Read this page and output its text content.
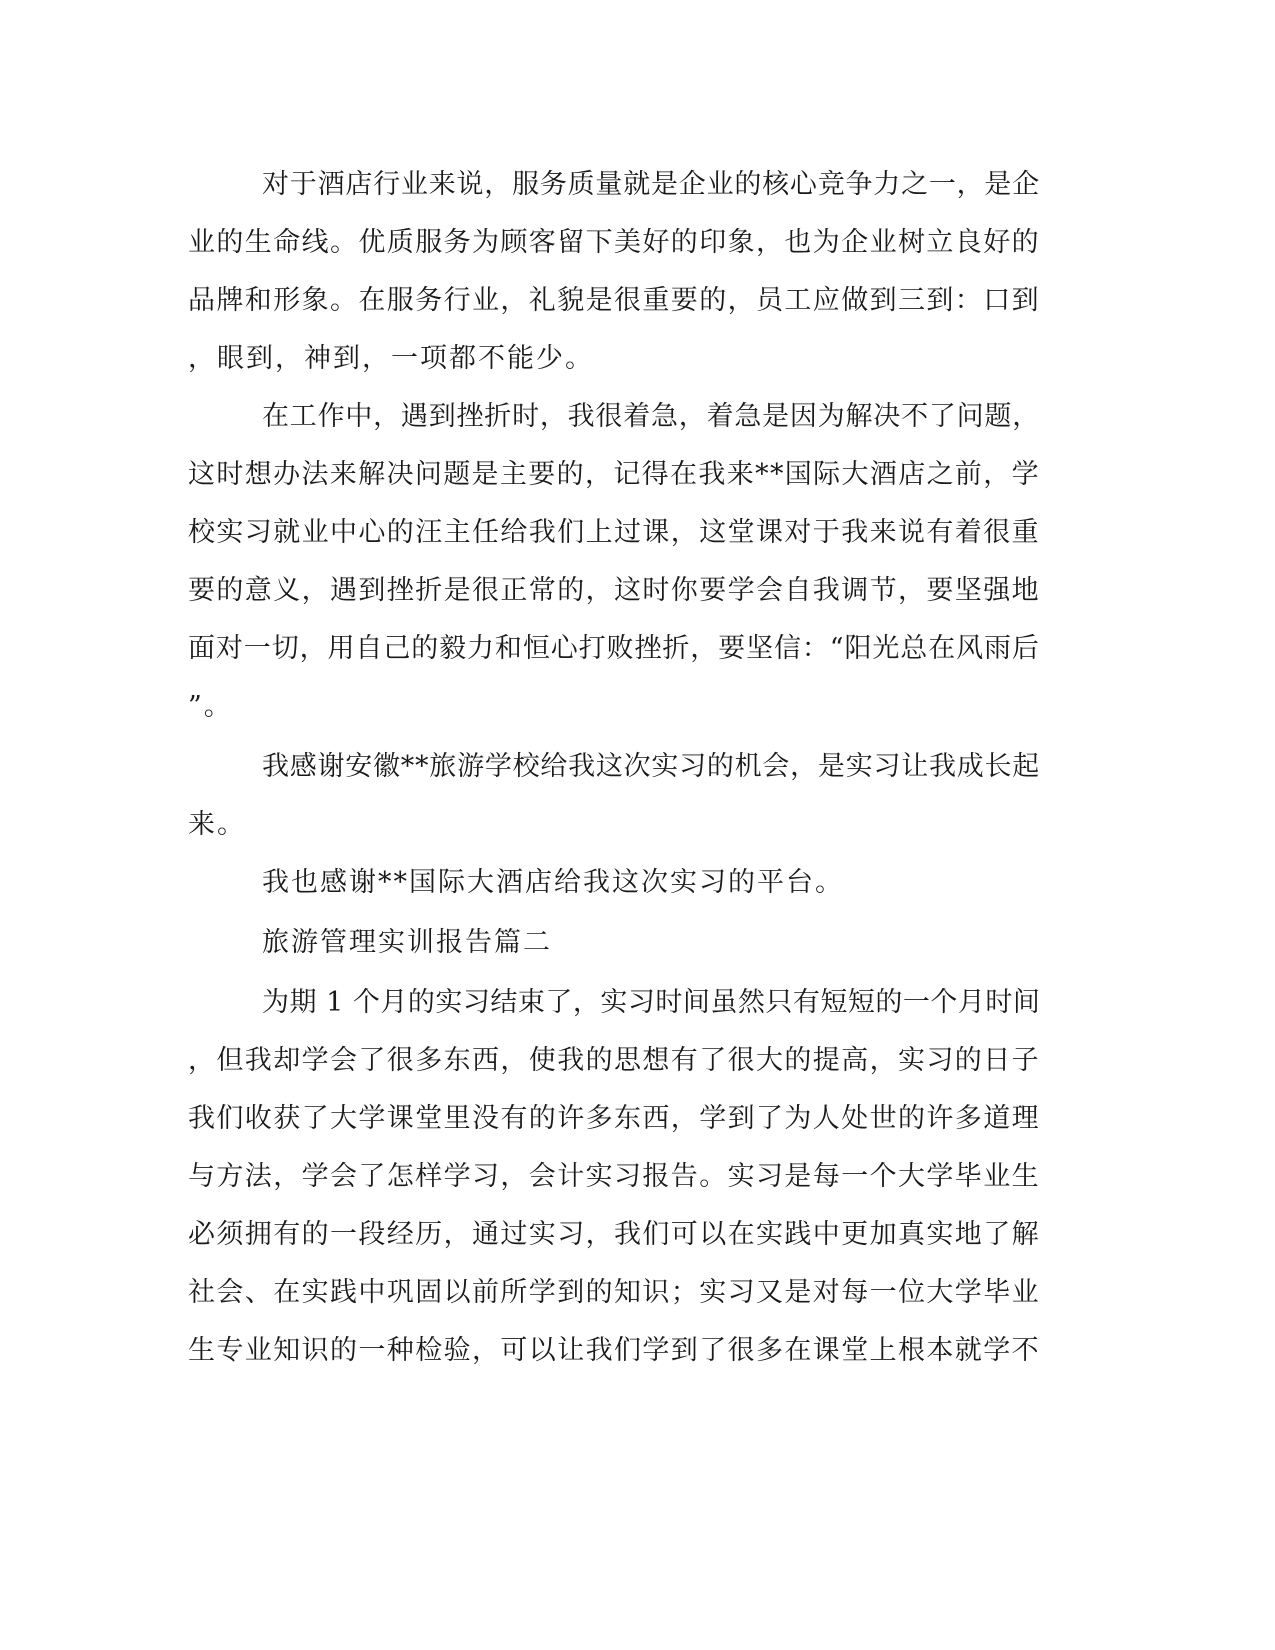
对于酒店行业来说，服务质量就是企业的核心竞争力之一，是企
业的生命线。优质服务为顾客留下美好的印象，也为企业树立良好的
品牌和形象。在服务行业，礼貌是很重要的，员工应做到三到：口到
，眼到，神到，一项都不能少。
在工作中，遇到挫折时，我很着急，着急是因为解决不了问题，
这时想办法来解决问题是主要的，记得在我来**国际大酒店之前，学
校实习就业中心的汪主任给我们上过课，这堂课对于我来说有着很重
要的意义，遇到挫折是很正常的，这时你要学会自我调节，要坚强地
面对一切，用自己的毅力和恒心打败挫折，要坚信：“阳光总在风雨后
”。
我感谢安徽**旅游学校给我这次实习的机会，是实习让我成长起
来。
我也感谢**国际大酒店给我这次实习的平台。
旅游管理实训报告篇二
为期 1 个月的实习结束了，实习时间虽然只有短短的一个月时间
，但我却学会了很多东西，使我的思想有了很大的提高，实习的日子
我们收获了大学课堂里没有的许多东西，学到了为人处世的许多道理
与方法，学会了怎样学习，会计实习报告。实习是每一个大学毕业生
必须拥有的一段经历，通过实习，我们可以在实践中更加真实地了解
社会、在实践中巩固以前所学到的知识；实习又是对每一位大学毕业
生专业知识的一种检验，可以让我们学到了很多在课堂上根本就学不
